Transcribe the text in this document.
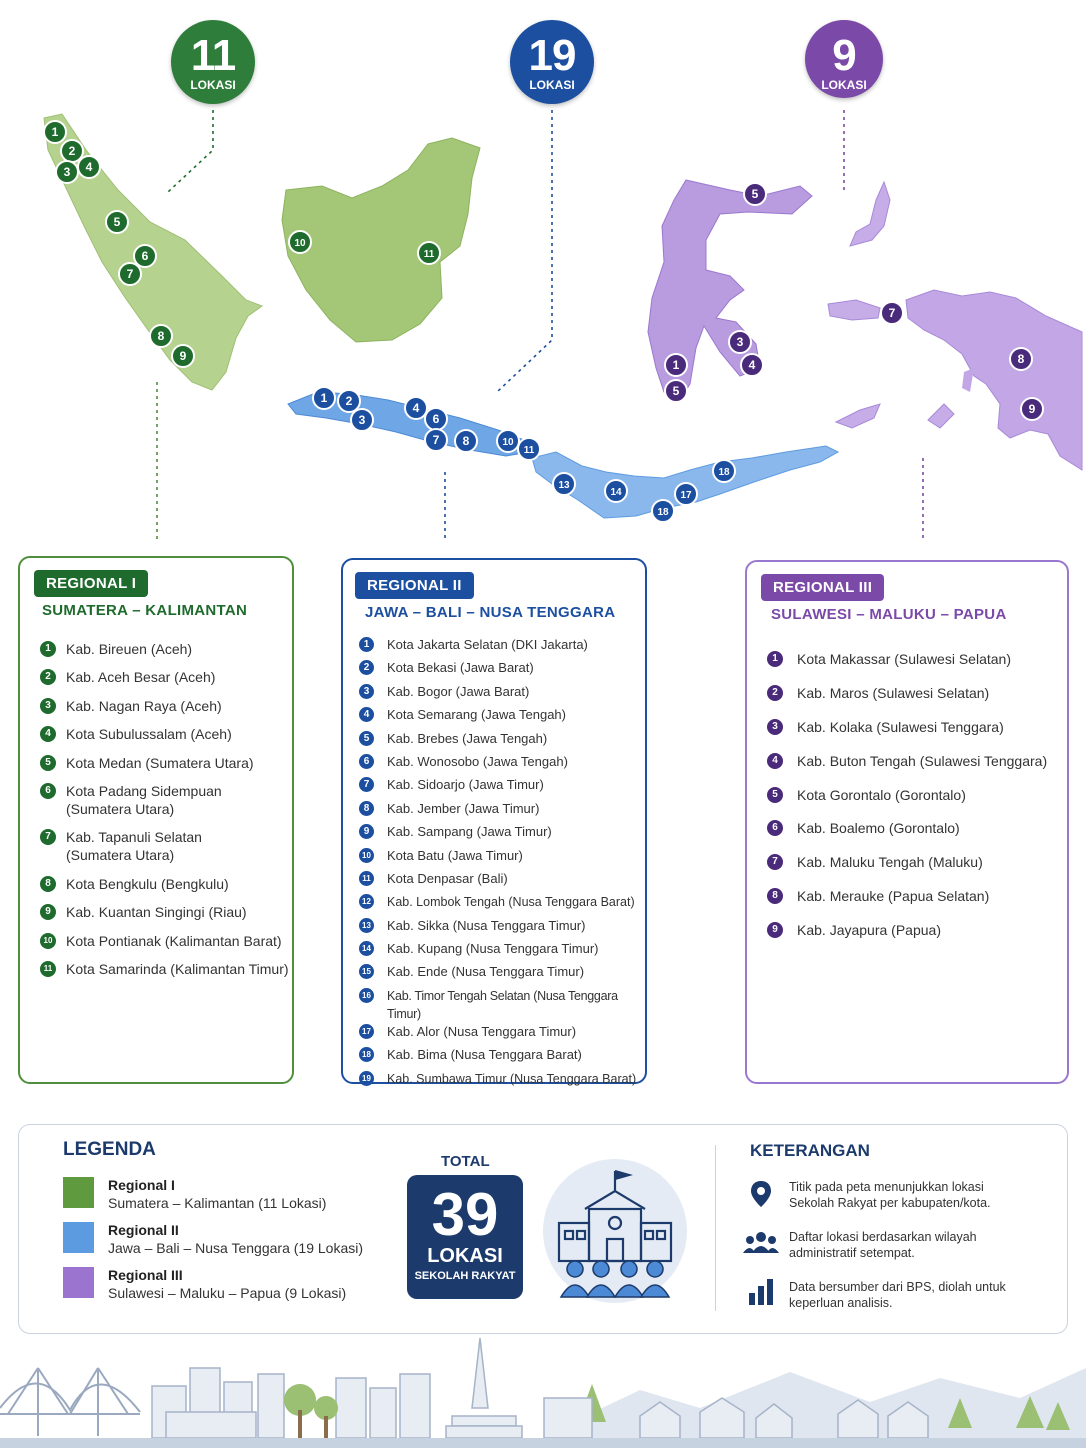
1
2
3 4
5
6
7
8
9
10
11
1 2
3
4
6
7 8	10
11
13
14
18
17
18
5
1
5
3
4
7
8
9
11
LOKASI
19
LOKASI
9
LOKASI
REGIONAL I
SUMATERA – KALIMANTAN
1	Kab. Bireuen (Aceh)
2	Kab. Aceh Besar (Aceh)
3	Kab. Nagan Raya (Aceh)
4	Kota Subulussalam (Aceh)
5	Kota Medan (Sumatera Utara)
6	Kota Padang Sidempuan
(Sumatera Utara)
7	Kab. Tapanuli Selatan
(Sumatera Utara)
8	Kota Bengkulu (Bengkulu)
9	Kab. Kuantan Singingi (Riau)
10 Kota Pontianak (Kalimantan Barat)
11 Kota Samarinda (Kalimantan Timur)
REGIONAL II
JAWA – BALI – NUSA TENGGARA
1	Kota Jakarta Selatan (DKI Jakarta)
2	Kota Bekasi (Jawa Barat)
3	Kab. Bogor (Jawa Barat)
4	Kota Semarang (Jawa Tengah)
5	Kab. Brebes (Jawa Tengah)
6	Kab. Wonosobo (Jawa Tengah)
7	Kab. Sidoarjo (Jawa Timur)
8	Kab. Jember (Jawa Timur)
9	Kab. Sampang (Jawa Timur)
10 Kota Batu (Jawa Timur)
11 Kota Denpasar (Bali)
12 Kab. Lombok Tengah (Nusa Tenggara Barat)
13 Kab. Sikka (Nusa Tenggara Timur)
14 Kab. Kupang (Nusa Tenggara Timur)
15 Kab. Ende (Nusa Tenggara Timur)
16 Kab. Timor Tengah Selatan (Nusa Tenggara Timur)
17 Kab. Alor (Nusa Tenggara Timur)
18 Kab. Bima (Nusa Tenggara Barat)
19 Kab. Sumbawa Timur (Nusa Tenggara Barat)
REGIONAL III
SULAWESI – MALUKU – PAPUA
1	Kota Makassar (Sulawesi Selatan)
2	Kab. Maros (Sulawesi Selatan)
3	Kab. Kolaka (Sulawesi Tenggara)
4	Kab. Buton Tengah (Sulawesi Tenggara)
5	Kota Gorontalo (Gorontalo)
6	Kab. Boalemo (Gorontalo)
7	Kab. Maluku Tengah (Maluku)
8	Kab. Merauke (Papua Selatan)
9	Kab. Jayapura (Papua)
LEGENDA
Regional I
Sumatera – Kalimantan (11 Lokasi)
Regional II
Jawa – Bali – Nusa Tenggara (19 Lokasi)
Regional III
Sulawesi – Maluku – Papua (9 Lokasi)
TOTAL
39
LOKASI
SEKOLAH RAKYAT
KETERANGAN
Titik pada peta menunjukkan lokasi Sekolah Rakyat per kabupaten/kota.
Daftar lokasi berdasarkan wilayah administratif setempat.
Data bersumber dari BPS, diolah untuk keperluan analisis.
